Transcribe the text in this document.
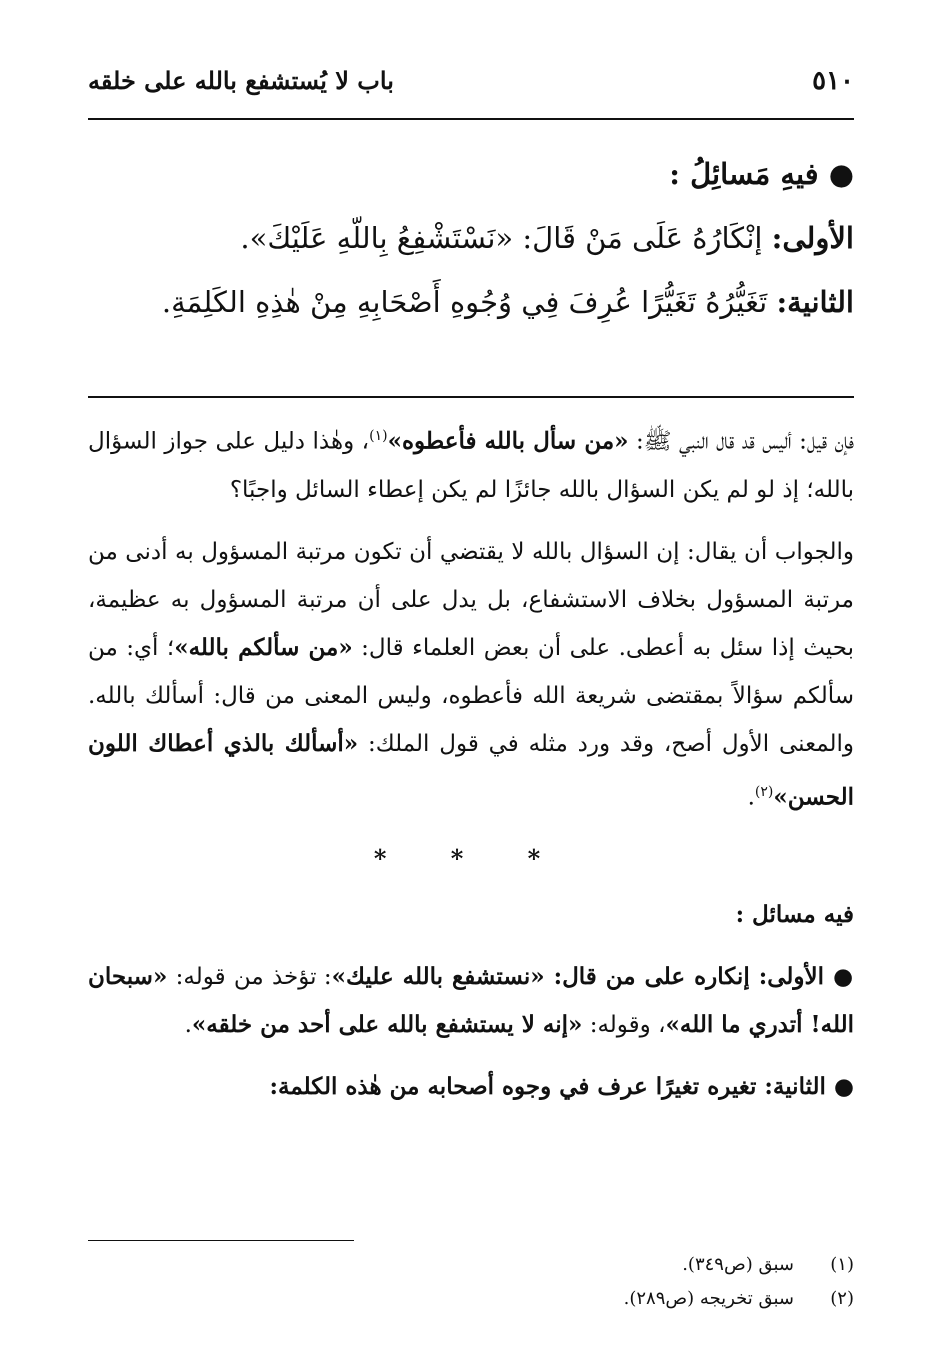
٥١٠
باب لا يُستشفع بالله على خلقه

● فيهِ مَسائِلُ :

الأولى: إنْكَارُهُ عَلَى مَنْ قَالَ: «نَسْتَشْفِعُ بِاللّهِ عَلَيْكَ».

الثانية: تَغَيُّرُهُ تَغَيُّرًا عُرِفَ فِي وُجُوهِ أَصْحَابِهِ مِنْ هٰذِهِ الكَلِمَةِ.

فإن قيل: أليس قد قال النبي ﷺ: «من سأل بالله فأعطوه»$^{(١)}$، وهٰذا دليل على جواز السؤال بالله؛ إذ لو لم يكن السؤال بالله جائزًا لم يكن إعطاء السائل واجبًا؟

والجواب أن يقال: إن السؤال بالله لا يقتضي أن تكون مرتبة المسؤول به أدنى من مرتبة المسؤول بخلاف الاستشفاع، بل يدل على أن مرتبة المسؤول به عظيمة، بحيث إذا سئل به أعطى. على أن بعض العلماء قال: «من سألكم بالله»؛ أي: من سألكم سؤالاً بمقتضى شريعة الله فأعطوه، وليس المعنى من قال: أسألك بالله. والمعنى الأول أصح، وقد ورد مثله في قول الملك: «أسألك بالذي أعطاك اللون الحسن»$^{(٢)}$.

* * *

فيه مسائل :

● الأولى: إنكاره على من قال: «نستشفع بالله عليك»: تؤخذ من قوله: «سبحان الله! أتدري ما الله»، وقوله: «إنه لا يستشفع بالله على أحد من خلقه».

● الثانية: تغيره تغيرًا عرف في وجوه أصحابه من هٰذه الكلمة:

(١)سبق (ص٣٤٩).

(٢)سبق تخريجه (ص٢٨٩).
